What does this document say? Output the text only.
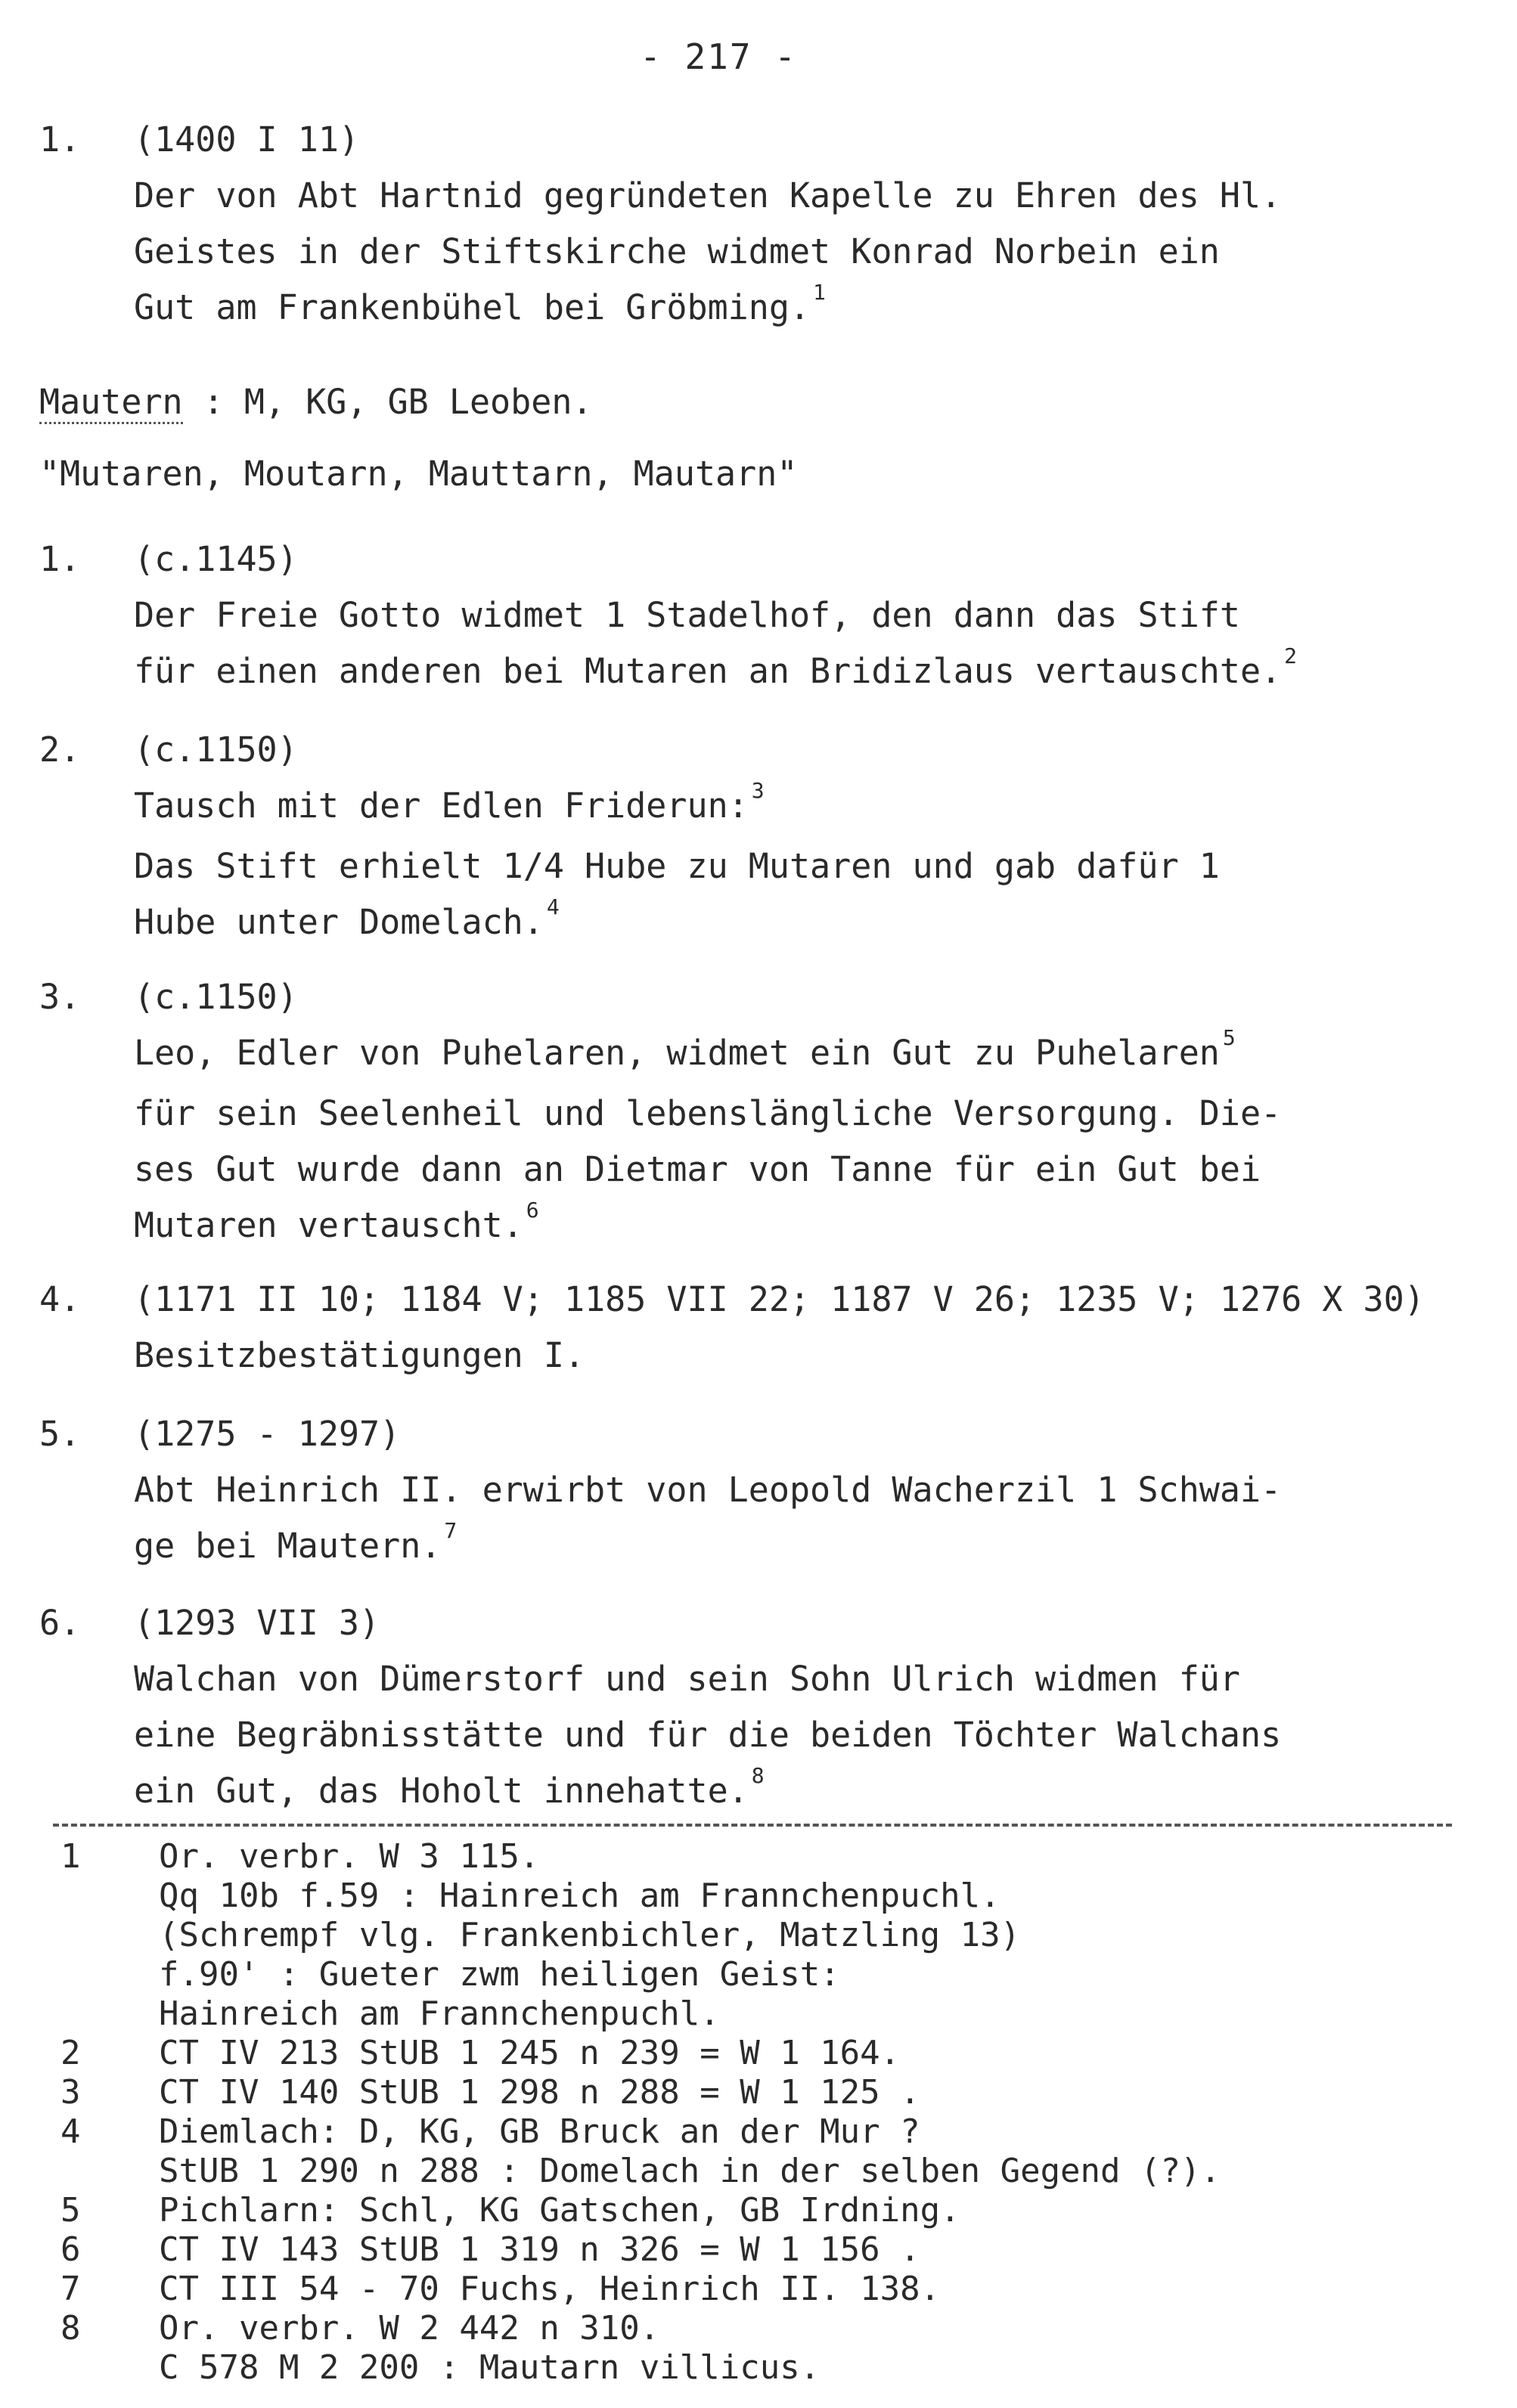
- 217 -
1. (1400 I 11)
Der von Abt Hartnid gegründeten Kapelle zu Ehren des Hl.
Geistes in der Stiftskirche widmet Konrad Norbein ein
Gut am Frankenbühel bei Gröbming. $^1$
Mautern : M, KG, GB Leoben.
"Mutaren, Moutarn, Mauttarn, Mautarn"
1. (c.1145)
Der Freie Gotto widmet 1 Stadelhof, den dann das Stift
für einen anderen bei Mutaren an Bridizlaus vertauschte. $^2$
2. (c.1150)
Tausch mit der Edlen Friderun: $^3$
Das Stift erhielt 1/4 Hube zu Mutaren und gab dafür 1
Hube unter Domelach. $^4$
3. (c.1150)
Leo, Edler von Puhelaren, widmet ein Gut zu Puhelaren $^5$
für sein Seelenheil und lebenslängliche Versorgung. Die-
ses Gut wurde dann an Dietmar von Tanne für ein Gut bei
Mutaren vertauscht. $^6$
4. (1171 II 10; 1184 V; 1185 VII 22; 1187 V 26; 1235 V; 1276 X 30)
Besitzbestätigungen I.
5. (1275 - 1297)
Abt Heinrich II. erwirbt von Leopold Wacherzil 1 Schwai-
ge bei Mautern. $^7$
6. (1293 VII 3)
Walchan von Dümerstorf und sein Sohn Ulrich widmen für
eine Begräbnisstätte und für die beiden Töchter Walchans
ein Gut, das Hoholt innehatte. $^8$
1	Or. verbr. W 3 115.
Qq 10b f.59 : Hainreich am Frannchenpuchl.
(Schrempf vlg. Frankenbichler, Matzling 13)
f.90' : Gueter zwm heiligen Geist:
Hainreich am Frannchenpuchl.
2	CT IV 213 StUB 1 245 n 239 = W 1 164.
3	CT IV 140 StUB 1 298 n 288 = W 1 125 .
4	Diemlach: D, KG, GB Bruck an der Mur ?
StUB 1 290 n 288 : Domelach in der selben Gegend (?).
5	Pichlarn: Schl, KG Gatschen, GB Irdning.
6	CT IV 143 StUB 1 319 n 326 = W 1 156 .
7	CT III 54 - 70 Fuchs, Heinrich II. 138.
8	Or. verbr. W 2 442 n 310.
C 578 M 2 200 : Mautarn villicus.
